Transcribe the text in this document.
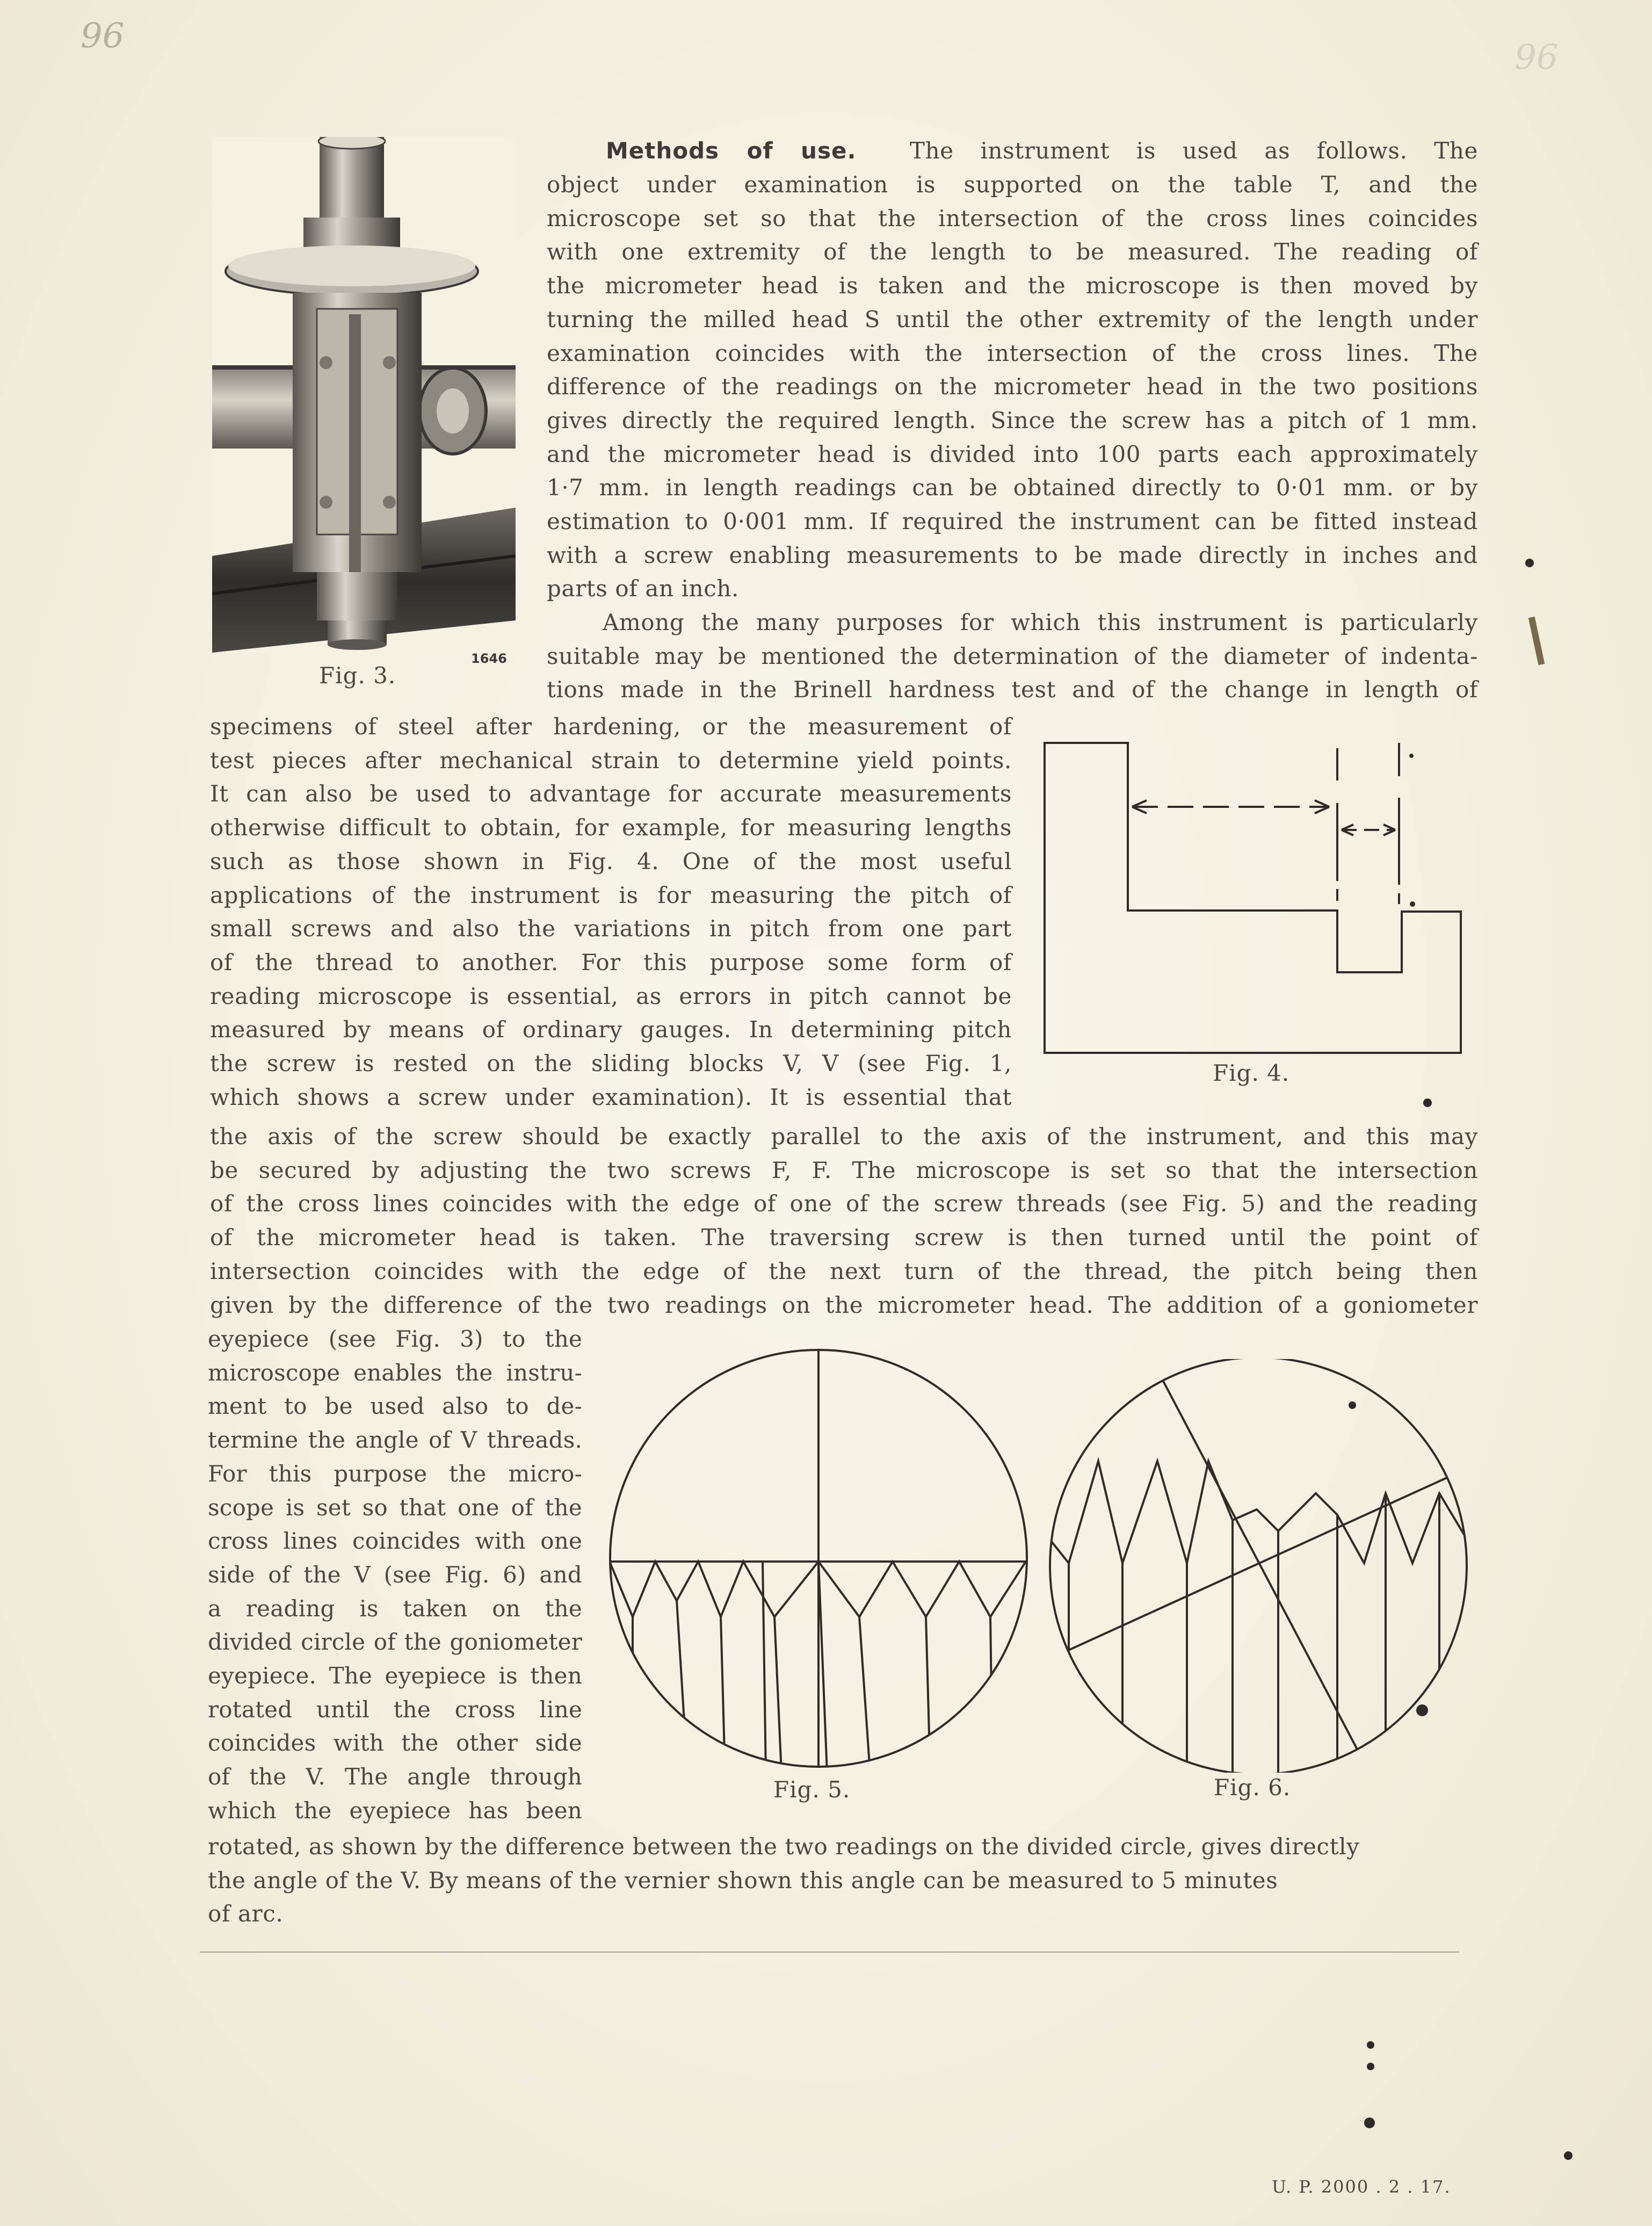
96
96
Fig. 3.
1646
Methods of use. The instrument is used as follows. The
object under examination is supported on the table T, and the
microscope set so that the intersection of the cross lines coincides
with one extremity of the length to be measured. The reading of
the micrometer head is taken and the microscope is then moved by
turning the milled head S until the other extremity of the length under
examination coincides with the intersection of the cross lines. The
difference of the readings on the micrometer head in the two positions
gives directly the required length. Since the screw has a pitch of 1 mm.
and the micrometer head is divided into 100 parts each approximately
1·7 mm. in length readings can be obtained directly to 0·01 mm. or by
estimation to 0·001 mm. If required the instrument can be fitted instead
with a screw enabling measurements to be made directly in inches and
parts of an inch.
Among the many purposes for which this instrument is particularly
suitable may be mentioned the determination of the diameter of indenta-
tions made in the Brinell hardness test and of the change in length of
specimens of steel after hardening, or the measurement of
test pieces after mechanical strain to determine yield points.
It can also be used to advantage for accurate measurements
otherwise difficult to obtain, for example, for measuring lengths
such as those shown in Fig. 4. One of the most useful
applications of the instrument is for measuring the pitch of
small screws and also the variations in pitch from one part
of the thread to another. For this purpose some form of
reading microscope is essential, as errors in pitch cannot be
measured by means of ordinary gauges. In determining pitch
the screw is rested on the sliding blocks V, V (see Fig. 1,
which shows a screw under examination). It is essential that
Fig. 4.
the axis of the screw should be exactly parallel to the axis of the instrument, and this may
be secured by adjusting the two screws F, F. The microscope is set so that the intersection
of the cross lines coincides with the edge of one of the screw threads (see Fig. 5) and the reading
of the micrometer head is taken. The traversing screw is then turned until the point of
intersection coincides with the edge of the next turn of the thread, the pitch being then
given by the difference of the two readings on the micrometer head. The addition of a goniometer
eyepiece (see Fig. 3) to the
microscope enables the instru-
ment to be used also to de-
termine the angle of V threads.
For this purpose the micro-
scope is set so that one of the
cross lines coincides with one
side of the V (see Fig. 6) and
a reading is taken on the
divided circle of the goniometer
eyepiece. The eyepiece is then
rotated until the cross line
coincides with the other side
of the V. The angle through
which the eyepiece has been
Fig. 5.	Fig. 6.
rotated, as shown by the difference between the two readings on the divided circle, gives directly
the angle of the V. By means of the vernier shown this angle can be measured to 5 minutes
of arc.
U. P. 2000 . 2 . 17.
